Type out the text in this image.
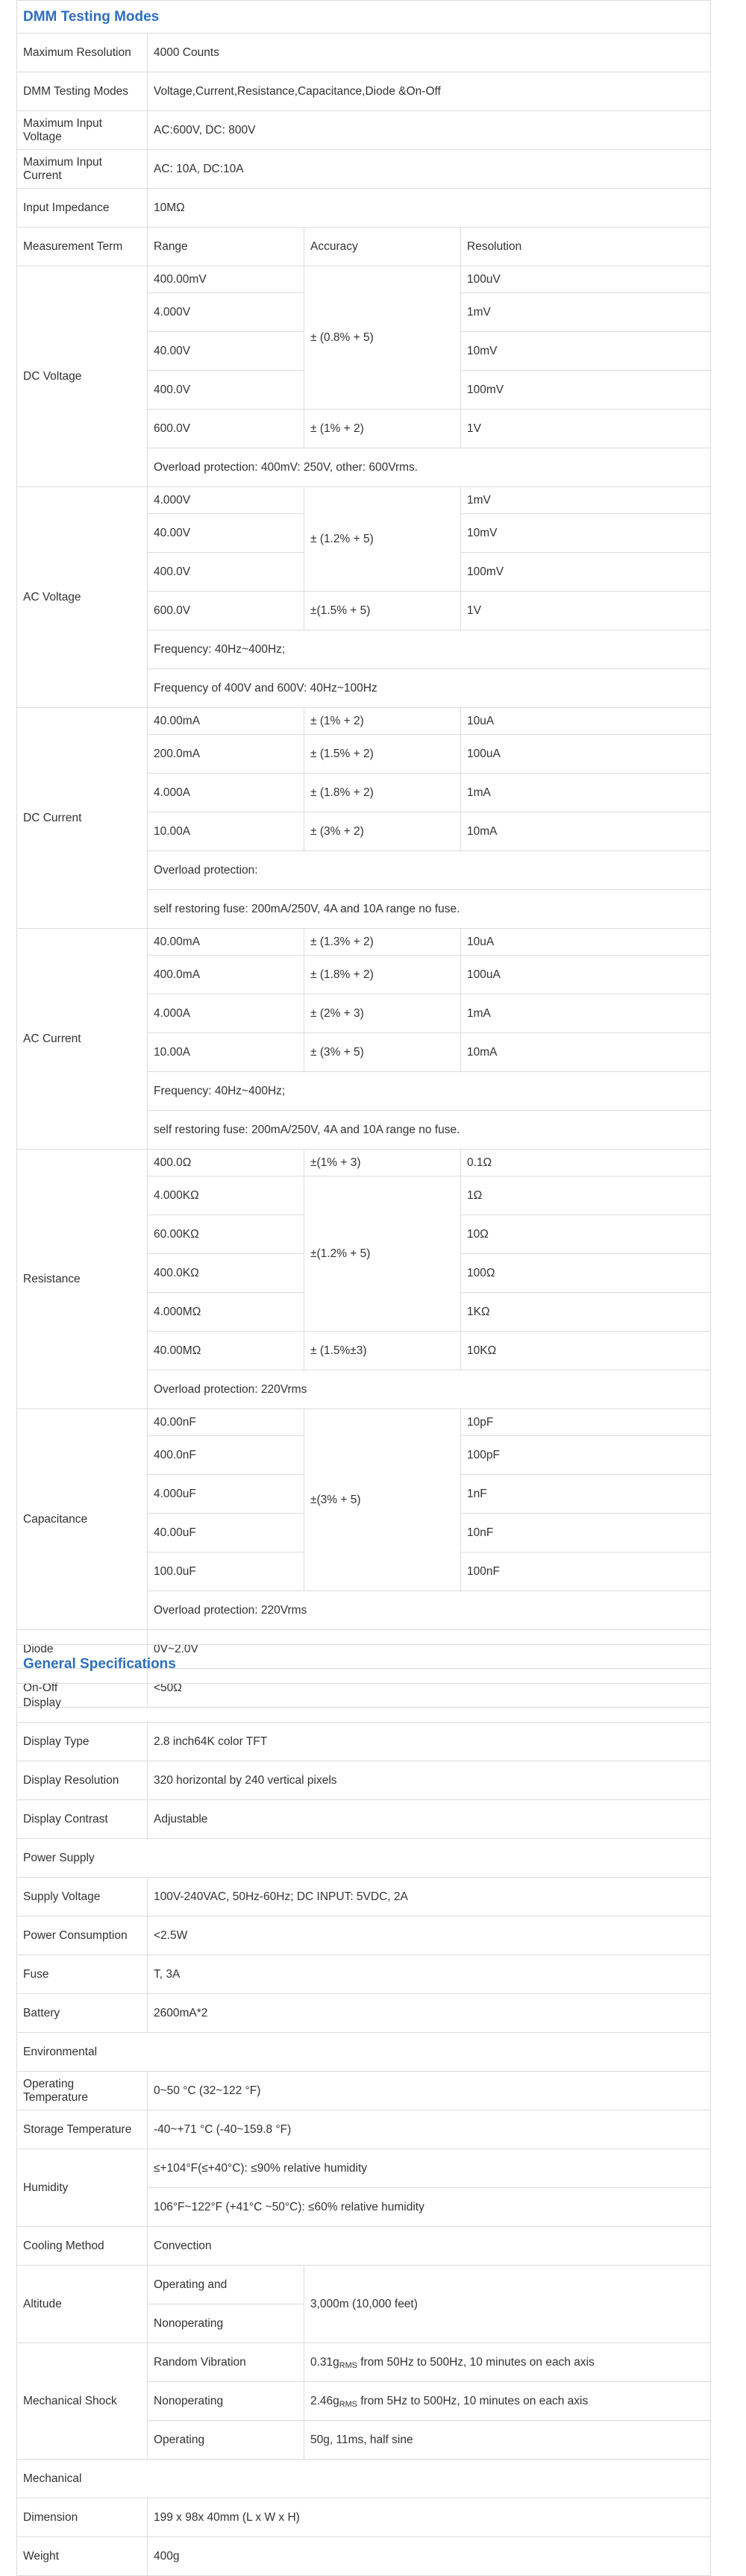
DMM Testing Modes			
Maximum Resolution	4000 Counts		
DMM Testing Modes	Voltage,Current,Resistance,Capacitance,Diode &On-Off		
Maximum Input Voltage	AC:600V, DC: 800V		
Maximum Input Current	AC: 10A, DC:10A		
Input Impedance	10MΩ		
Measurement Term	Range	Accuracy	Resolution
DC Voltage	400.00mV	± (0.8% + 5)	100uV
	4.000V		1mV
	40.00V		10mV
	400.0V		100mV
	600.0V	± (1% + 2)	1V
	Overload protection: 400mV: 250V, other: 600Vrms.		
AC Voltage	4.000V	± (1.2% + 5)	1mV
	40.00V		10mV
	400.0V		100mV
	600.0V	±(1.5% + 5)	1V
	Frequency: 40Hz~400Hz;		
	Frequency of 400V and 600V: 40Hz~100Hz		
DC Current	40.00mA	± (1% + 2)	10uA
	200.0mA	± (1.5% + 2)	100uA
	4.000A	± (1.8% + 2)	1mA
	10.00A	± (3% + 2)	10mA
	Overload protection:		
	self restoring fuse: 200mA/250V, 4A and 10A range no fuse.		
AC Current	40.00mA	± (1.3% + 2)	10uA
	400.0mA	± (1.8% + 2)	100uA
	4.000A	± (2% + 3)	1mA
	10.00A	± (3% + 5)	10mA
	Frequency: 40Hz~400Hz;		
	self restoring fuse: 200mA/250V, 4A and 10A range no fuse.		
Resistance	400.0Ω	±(1% + 3)	0.1Ω
	4.000KΩ	±(1.2% + 5)	1Ω
	60.00KΩ		10Ω
	400.0KΩ		100Ω
	4.000MΩ		1KΩ
	40.00MΩ	± (1.5%±3)	10KΩ
	Overload protection: 220Vrms		
Capacitance	40.00nF	±(3% + 5)	10pF
	400.0nF		100pF
	4.000uF		1nF
	40.00uF		10nF
	100.0uF		100nF
	Overload protection: 220Vrms		
Diode	0V~2.0V		
On-Off	<50Ω		
General Specifications		
Display		
Display Type	2.8 inch64K color TFT	
Display Resolution	320 horizontal by 240 vertical pixels	
Display Contrast	Adjustable	
Power Supply		
Supply Voltage	100V-240VAC, 50Hz-60Hz; DC INPUT: 5VDC, 2A	
Power Consumption	<2.5W	
Fuse	T, 3A	
Battery	2600mA*2	
Environmental		
Operating Temperature	0~50 °C (32~122 °F)	
Storage Temperature	-40~+71 °C (-40~159.8 °F)	
Humidity	≤+104°F(≤+40°C): ≤90% relative humidity	
	106°F~122°F (+41°C ~50°C): ≤60% relative humidity	
Cooling Method	Convection	
Altitude	Operating and	3,000m (10,000 feet)
	Nonoperating	
Mechanical Shock	Random Vibration	$0.31g_{RMS}$ from 50Hz to 500Hz, 10 minutes on each axis
	Nonoperating	$2.46g_{RMS}$ from 5Hz to 500Hz, 10 minutes on each axis
	Operating	50g, 11ms, half sine
Mechanical		
Dimension	199 x 98x 40mm (L x W x H)	
Weight	400g	
